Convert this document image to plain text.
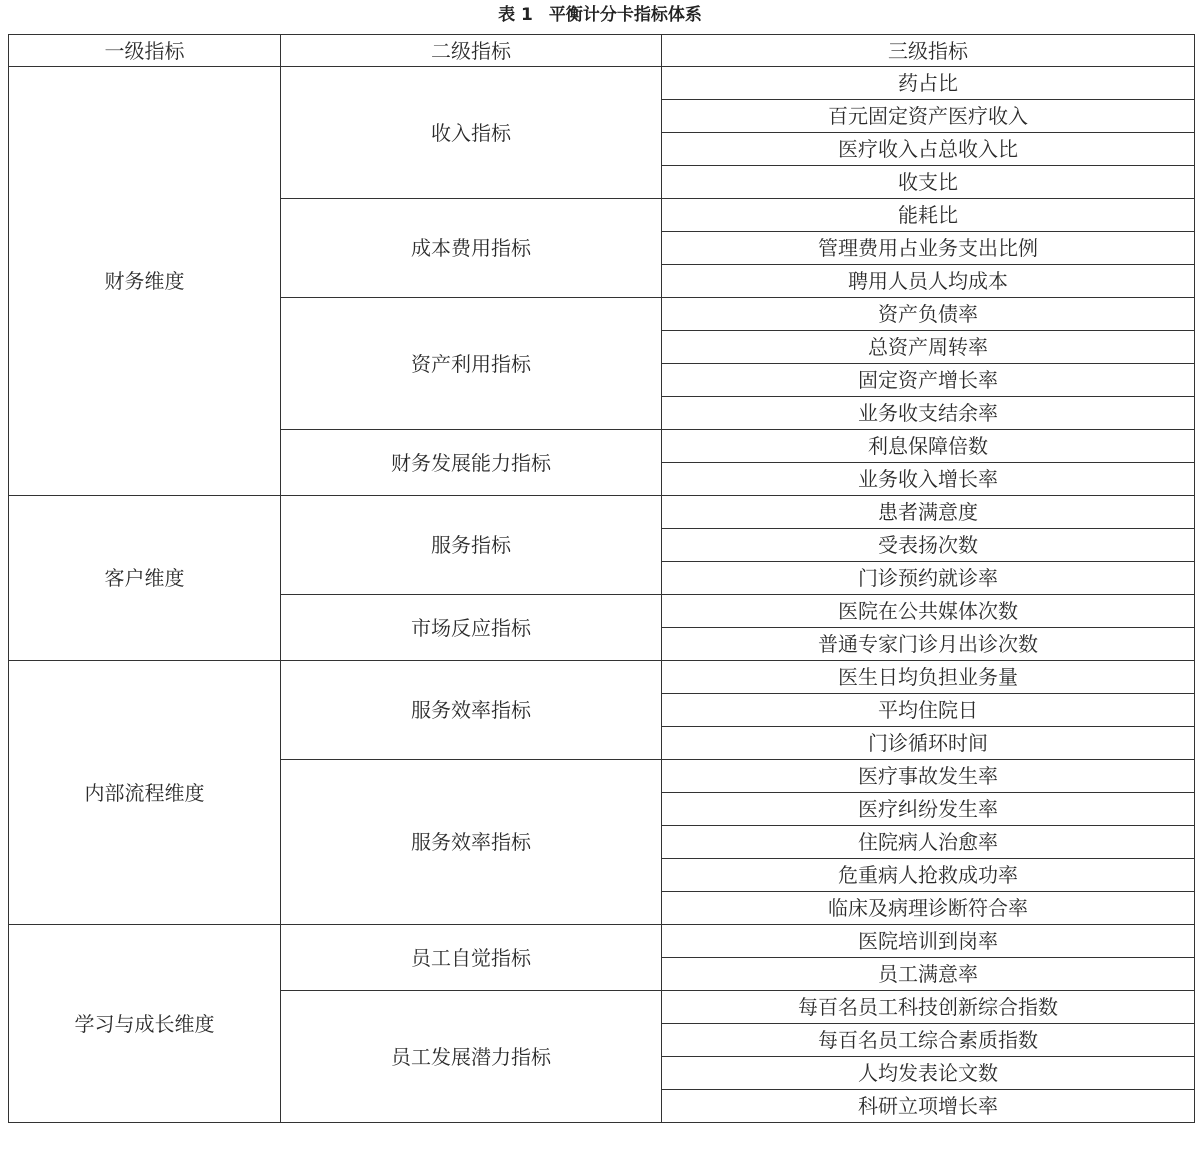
表 1 平衡计分卡指标体系
一级指标	二级指标	三级指标
财务维度	收入指标	药占比
		百元固定资产医疗收入
		医疗收入占总收入比
		收支比
	成本费用指标	能耗比
		管理费用占业务支出比例
		聘用人员人均成本
	资产利用指标	资产负债率
		总资产周转率
		固定资产增长率
		业务收支结余率
	财务发展能力指标	利息保障倍数
		业务收入增长率
客户维度	服务指标	患者满意度
		受表扬次数
		门诊预约就诊率
	市场反应指标	医院在公共媒体次数
		普通专家门诊月出诊次数
内部流程维度	服务效率指标	医生日均负担业务量
		平均住院日
		门诊循环时间
	服务效率指标	医疗事故发生率
		医疗纠纷发生率
		住院病人治愈率
		危重病人抢救成功率
		临床及病理诊断符合率
学习与成长维度	员工自觉指标	医院培训到岗率
		员工满意率
	员工发展潜力指标	每百名员工科技创新综合指数
		每百名员工综合素质指数
		人均发表论文数
		科研立项增长率
